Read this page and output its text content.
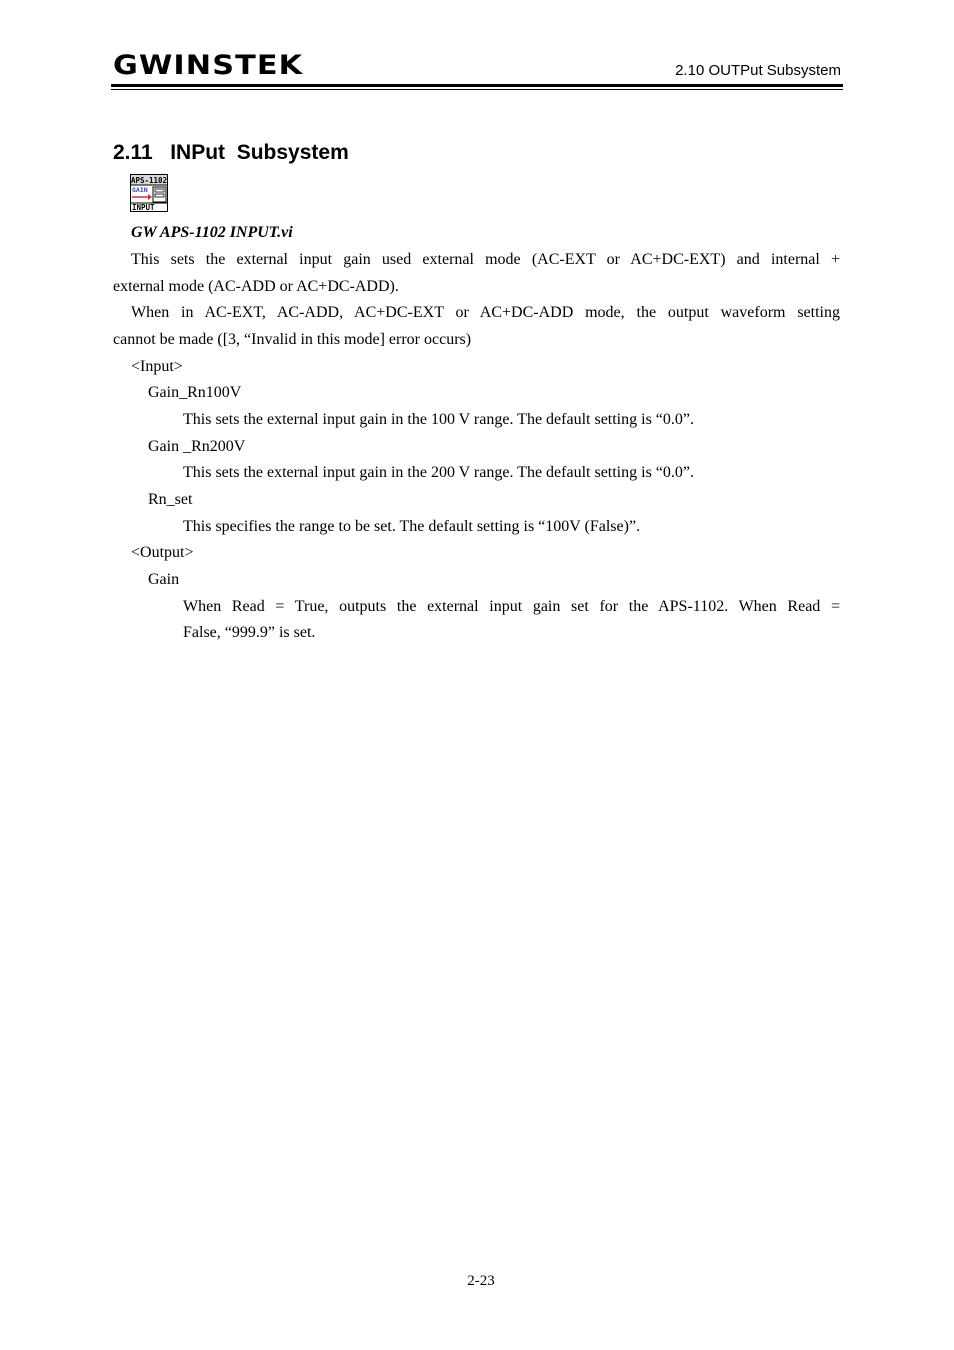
GWINSTEK	2.10 OUTPut Subsystem
2.11   INPut  Subsystem
APS-1102
GAIN
INPUT
GW APS-1102 INPUT.vi
This sets the external input gain used external mode (AC-EXT or AC+DC-EXT) and internal +
external mode (AC-ADD or AC+DC-ADD).
When in AC-EXT, AC-ADD, AC+DC-EXT or AC+DC-ADD mode, the output waveform setting
cannot be made ([3, “Invalid in this mode] error occurs)
<Input>
Gain_Rn100V
This sets the external input gain in the 100 V range. The default setting is “0.0”.
Gain _Rn200V
This sets the external input gain in the 200 V range. The default setting is “0.0”.
Rn_set
This specifies the range to be set. The default setting is “100V (False)”.
<Output>
Gain
When Read = True, outputs the external input gain set for the APS-1102. When Read =
False, “999.9” is set.
2-23
